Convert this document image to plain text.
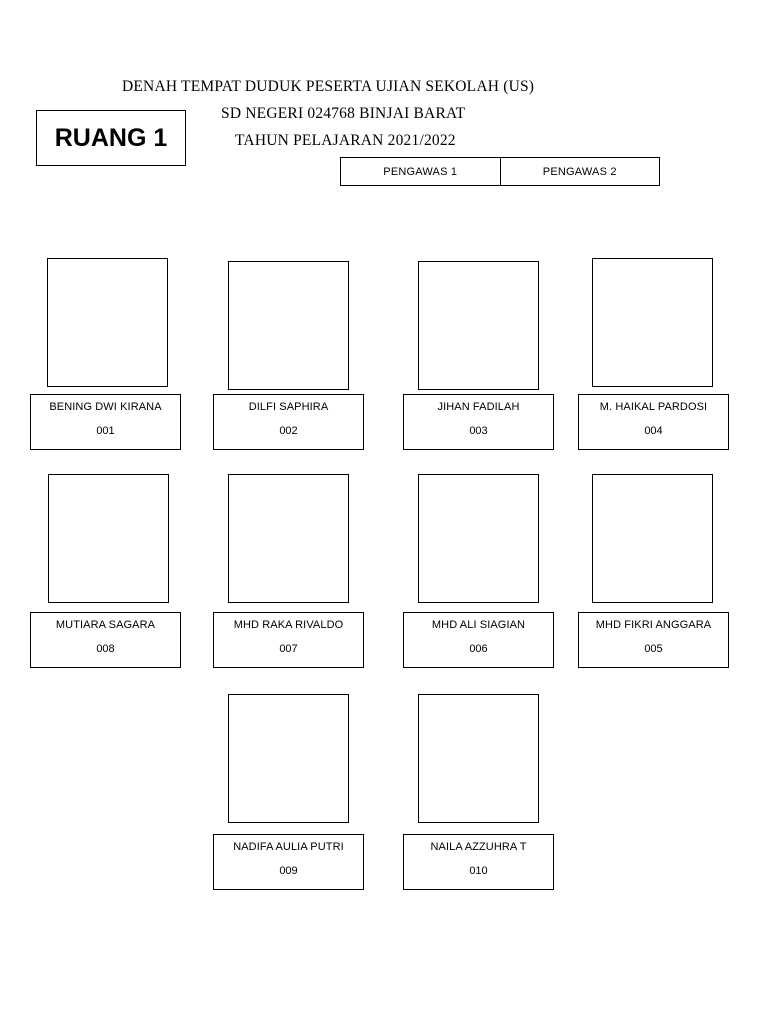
DENAH TEMPAT DUDUK PESERTA UJIAN SEKOLAH (US)
SD NEGERI 024768 BINJAI BARAT
TAHUN PELAJARAN 2021/2022
RUANG 1
PENGAWAS 1	PENGAWAS 2
BENING DWI KIRANA
001
DILFI SAPHIRA
002
JIHAN FADILAH
003
M. HAIKAL PARDOSI
004
MUTIARA SAGARA
008
MHD RAKA RIVALDO
007
MHD ALI SIAGIAN
006
MHD FIKRI ANGGARA
005
NADIFA AULIA PUTRI
009
NAILA AZZUHRA T
010
